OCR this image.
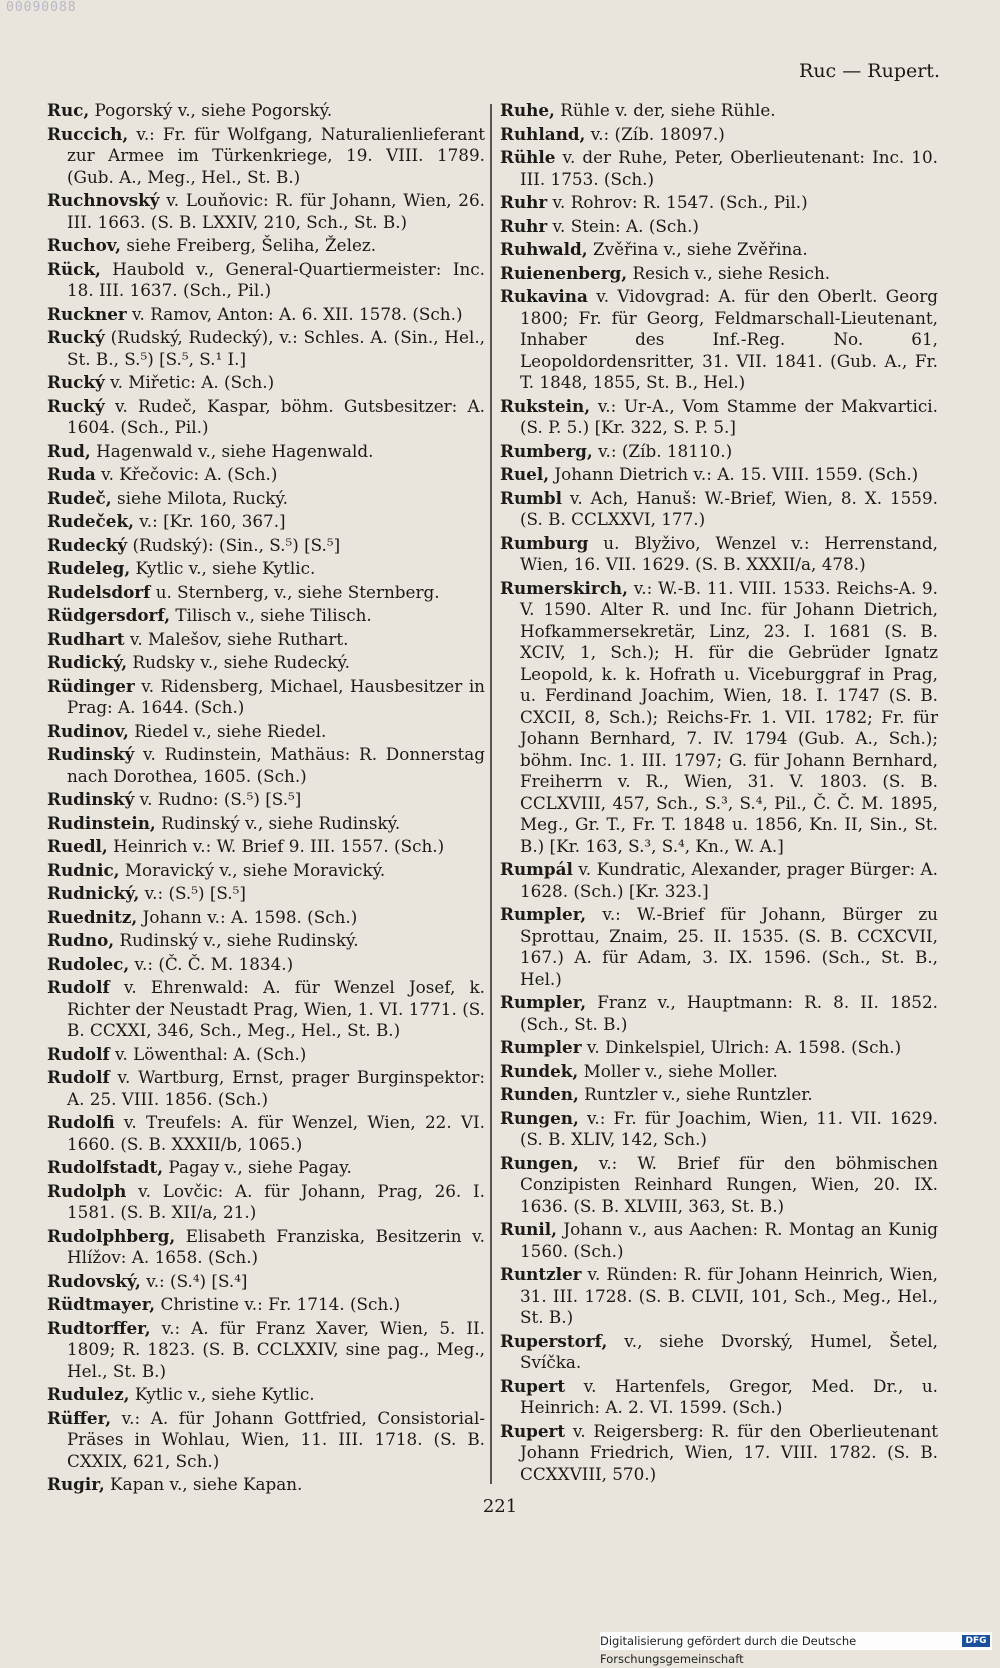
00090088
Ruc — Rupert.

Ruc, Pogorský v., siehe Pogorský.

Ruccich, v.: Fr. für Wolfgang, Naturalienlieferant zur Armee im Türkenkriege, 19. VIII. 1789. (Gub. A., Meg., Hel., St. B.)

Ruchnovský v. Louňovic: R. für Johann, Wien, 26. III. 1663. (S. B. LXXIV, 210, Sch., St. B.)

Ruchov, siehe Freiberg, Šeliha, Želez.

Rück, Haubold v., General-Quartiermeister: Inc. 18. III. 1637. (Sch., Pil.)

Ruckner v. Ramov, Anton: A. 6. XII. 1578. (Sch.)

Rucký (Rudský, Rudecký), v.: Schles. A. (Sin., Hel., St. B., S.⁵) [S.⁵, S.¹ I.]

Rucký v. Miřetic: A. (Sch.)

Rucký v. Rudeč, Kaspar, böhm. Gutsbesitzer: A. 1604. (Sch., Pil.)

Rud, Hagenwald v., siehe Hagenwald.

Ruda v. Křečovic: A. (Sch.)

Rudeč, siehe Milota, Rucký.

Rudeček, v.: [Kr. 160, 367.]

Rudecký (Rudský): (Sin., S.⁵) [S.⁵]

Rudeleg, Kytlic v., siehe Kytlic.

Rudelsdorf u. Sternberg, v., siehe Sternberg.

Rüdgersdorf, Tilisch v., siehe Tilisch.

Rudhart v. Malešov, siehe Ruthart.

Rudický, Rudsky v., siehe Rudecký.

Rüdinger v. Ridensberg, Michael, Hausbesitzer in Prag: A. 1644. (Sch.)

Rudinov, Riedel v., siehe Riedel.

Rudinský v. Rudinstein, Mathäus: R. Donnerstag nach Dorothea, 1605. (Sch.)

Rudinský v. Rudno: (S.⁵) [S.⁵]

Rudinstein, Rudinský v., siehe Rudinský.

Ruedl, Heinrich v.: W. Brief 9. III. 1557. (Sch.)

Rudnic, Moravický v., siehe Moravický.

Rudnický, v.: (S.⁵) [S.⁵]

Ruednitz, Johann v.: A. 1598. (Sch.)

Rudno, Rudinský v., siehe Rudinský.

Rudolec, v.: (Č. Č. M. 1834.)

Rudolf v. Ehrenwald: A. für Wenzel Josef, k. Richter der Neustadt Prag, Wien, 1. VI. 1771. (S. B. CCXXI, 346, Sch., Meg., Hel., St. B.)

Rudolf v. Löwenthal: A. (Sch.)

Rudolf v. Wartburg, Ernst, prager Burginspektor: A. 25. VIII. 1856. (Sch.)

Rudolfi v. Treufels: A. für Wenzel, Wien, 22. VI. 1660. (S. B. XXXII/b, 1065.)

Rudolfstadt, Pagay v., siehe Pagay.

Rudolph v. Lovčic: A. für Johann, Prag, 26. I. 1581. (S. B. XII/a, 21.)

Rudolphberg, Elisabeth Franziska, Besitzerin v. Hlížov: A. 1658. (Sch.)

Rudovský, v.: (S.⁴) [S.⁴]

Rüdtmayer, Christine v.: Fr. 1714. (Sch.)

Rudtorffer, v.: A. für Franz Xaver, Wien, 5. II. 1809; R. 1823. (S. B. CCLXXIV, sine pag., Meg., Hel., St. B.)

Rudulez, Kytlic v., siehe Kytlic.

Rüffer, v.: A. für Johann Gottfried, Consistorial-Präses in Wohlau, Wien, 11. III. 1718. (S. B. CXXIX, 621, Sch.)

Rugir, Kapan v., siehe Kapan.

Ruhe, Rühle v. der, siehe Rühle.

Ruhland, v.: (Zíb. 18097.)

Rühle v. der Ruhe, Peter, Oberlieutenant: Inc. 10. III. 1753. (Sch.)

Ruhr v. Rohrov: R. 1547. (Sch., Pil.)

Ruhr v. Stein: A. (Sch.)

Ruhwald, Zvěřina v., siehe Zvěřina.

Ruienenberg, Resich v., siehe Resich.

Rukavina v. Vidovgrad: A. für den Oberlt. Georg 1800; Fr. für Georg, Feldmarschall-Lieutenant, Inhaber des Inf.-Reg. No. 61, Leopoldordensritter, 31. VII. 1841. (Gub. A., Fr. T. 1848, 1855, St. B., Hel.)

Rukstein, v.: Ur-A., Vom Stamme der Makvartici. (S. P. 5.) [Kr. 322, S. P. 5.]

Rumberg, v.: (Zíb. 18110.)

Ruel, Johann Dietrich v.: A. 15. VIII. 1559. (Sch.)

Rumbl v. Ach, Hanuš: W.-Brief, Wien, 8. X. 1559. (S. B. CCLXXVI, 177.)

Rumburg u. Blyživo, Wenzel v.: Herrenstand, Wien, 16. VII. 1629. (S. B. XXXII/a, 478.)

Rumerskirch, v.: W.-B. 11. VIII. 1533. Reichs-A. 9. V. 1590. Alter R. und Inc. für Johann Dietrich, Hofkammersekretär, Linz, 23. I. 1681 (S. B. XCIV, 1, Sch.); H. für die Gebrüder Ignatz Leopold, k. k. Hofrath u. Viceburggraf in Prag, u. Ferdinand Joachim, Wien, 18. I. 1747 (S. B. CXCII, 8, Sch.); Reichs-Fr. 1. VII. 1782; Fr. für Johann Bernhard, 7. IV. 1794 (Gub. A., Sch.); böhm. Inc. 1. III. 1797; G. für Johann Bernhard, Freiherrn v. R., Wien, 31. V. 1803. (S. B. CCLXVIII, 457, Sch., S.³, S.⁴, Pil., Č. Č. M. 1895, Meg., Gr. T., Fr. T. 1848 u. 1856, Kn. II, Sin., St. B.) [Kr. 163, S.³, S.⁴, Kn., W. A.]

Rumpál v. Kundratic, Alexander, prager Bürger: A. 1628. (Sch.) [Kr. 323.]

Rumpler, v.: W.-Brief für Johann, Bürger zu Sprottau, Znaim, 25. II. 1535. (S. B. CCXCVII, 167.) A. für Adam, 3. IX. 1596. (Sch., St. B., Hel.)

Rumpler, Franz v., Hauptmann: R. 8. II. 1852. (Sch., St. B.)

Rumpler v. Dinkelspiel, Ulrich: A. 1598. (Sch.)

Rundek, Moller v., siehe Moller.

Runden, Runtzler v., siehe Runtzler.

Rungen, v.: Fr. für Joachim, Wien, 11. VII. 1629. (S. B. XLIV, 142, Sch.)

Rungen, v.: W. Brief für den böhmischen Conzipisten Reinhard Rungen, Wien, 20. IX. 1636. (S. B. XLVIII, 363, St. B.)

Runil, Johann v., aus Aachen: R. Montag an Kunig 1560. (Sch.)

Runtzler v. Ründen: R. für Johann Heinrich, Wien, 31. III. 1728. (S. B. CLVII, 101, Sch., Meg., Hel., St. B.)

Ruperstorf, v., siehe Dvorský, Humel, Šetel, Svíčka.

Rupert v. Hartenfels, Gregor, Med. Dr., u. Heinrich: A. 2. VI. 1599. (Sch.)

Rupert v. Reigersberg: R. für den Oberlieutenant Johann Friedrich, Wien, 17. VIII. 1782. (S. B. CCXXVIII, 570.)

221
Digitalisierung gefördert durch die Deutsche Forschungsgemeinschaft
DFG
